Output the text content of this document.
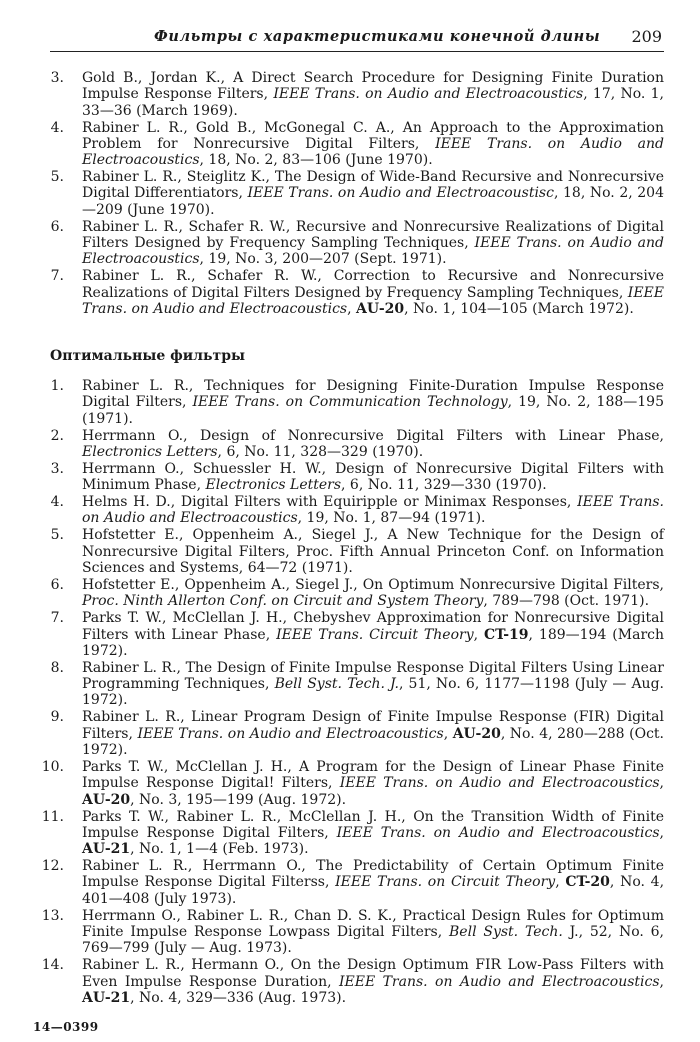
Фильтры с характеристиками конечной длины 209
3. Gold B., Jordan K., A Direct Search Procedure for Designing Finite Duration Impulse Response Filters, IEEE Trans. on Audio and Electroacoustics, 17, No. 1, 33—36 (March 1969).
4. Rabiner L. R., Gold B., McGonegal C. A., An Approach to the Approximation Problem for Nonrecursive Digital Filters, IEEE Trans. on Audio and Electroacoustics, 18, No. 2, 83—106 (June 1970).
5. Rabiner L. R., Steiglitz K., The Design of Wide-Band Recursive and Nonrecursive Digital Differentiators, IEEE Trans. on Audio and Electroacoustisc, 18, No. 2, 204—209 (June 1970).
6. Rabiner L. R., Schafer R. W., Recursive and Nonrecursive Realizations of Digital Filters Designed by Frequency Sampling Techniques, IEEE Trans. on Audio and Electroacoustics, 19, No. 3, 200—207 (Sept. 1971).
7. Rabiner L. R., Schafer R. W., Correction to Recursive and Nonrecursive Realizations of Digital Filters Designed by Frequency Sampling Techniques, IEEE Trans. on Audio and Electroacoustics, AU-20, No. 1, 104—105 (March 1972).
Оптимальные фильтры
1. Rabiner L. R., Techniques for Designing Finite-Duration Impulse Response Digital Filters, IEEE Trans. on Communication Technology, 19, No. 2, 188—195 (1971).
2. Herrmann O., Design of Nonrecursive Digital Filters with Linear Phase, Electronics Letters, 6, No. 11, 328—329 (1970).
3. Herrmann O., Schuessler H. W., Design of Nonrecursive Digital Filters with Minimum Phase, Electronics Letters, 6, No. 11, 329—330 (1970).
4. Helms H. D., Digital Filters with Equiripple or Minimax Responses, IEEE Trans. on Audio and Electroacoustics, 19, No. 1, 87—94 (1971).
5. Hofstetter E., Oppenheim A., Siegel J., A New Technique for the Design of Nonrecursive Digital Filters, Proc. Fifth Annual Princeton Conf. on Information Sciences and Systems, 64—72 (1971).
6. Hofstetter E., Oppenheim A., Siegel J., On Optimum Nonrecursive Digital Filters, Proc. Ninth Allerton Conf. on Circuit and System Theory, 789—798 (Oct. 1971).
7. Parks T. W., McClellan J. H., Chebyshev Approximation for Nonrecursive Digital Filters with Linear Phase, IEEE Trans. Circuit Theory, CT-19, 189—194 (March 1972).
8. Rabiner L. R., The Design of Finite Impulse Response Digital Filters Using Linear Programming Techniques, Bell Syst. Tech. J., 51, No. 6, 1177—1198 (July — Aug. 1972).
9. Rabiner L. R., Linear Program Design of Finite Impulse Response (FIR) Digital Filters, IEEE Trans. on Audio and Electroacoustics, AU-20, No. 4, 280—288 (Oct. 1972).
10. Parks T. W., McClellan J. H., A Program for the Design of Linear Phase Finite Impulse Response Digital! Filters, IEEE Trans. on Audio and Electroacoustics, AU-20, No. 3, 195—199 (Aug. 1972).
11. Parks T. W., Rabiner L. R., McClellan J. H., On the Transition Width of Finite Impulse Response Digital Filters, IEEE Trans. on Audio and Electroacoustics, AU-21, No. 1, 1—4 (Feb. 1973).
12. Rabiner L. R., Herrmann O., The Predictability of Certain Optimum Finite Impulse Response Digital Filterss, IEEE Trans. on Circuit Theory, CT-20, No. 4, 401—408 (July 1973).
13. Herrmann O., Rabiner L. R., Chan D. S. K., Practical Design Rules for Optimum Finite Impulse Response Lowpass Digital Filters, Bell Syst. Tech. J., 52, No. 6, 769—799 (July — Aug. 1973).
14. Rabiner L. R., Hermann O., On the Design Optimum FIR Low-Pass Filters with Even Impulse Response Duration, IEEE Trans. on Audio and Electroacoustics, AU-21, No. 4, 329—336 (Aug. 1973).
14—0399
